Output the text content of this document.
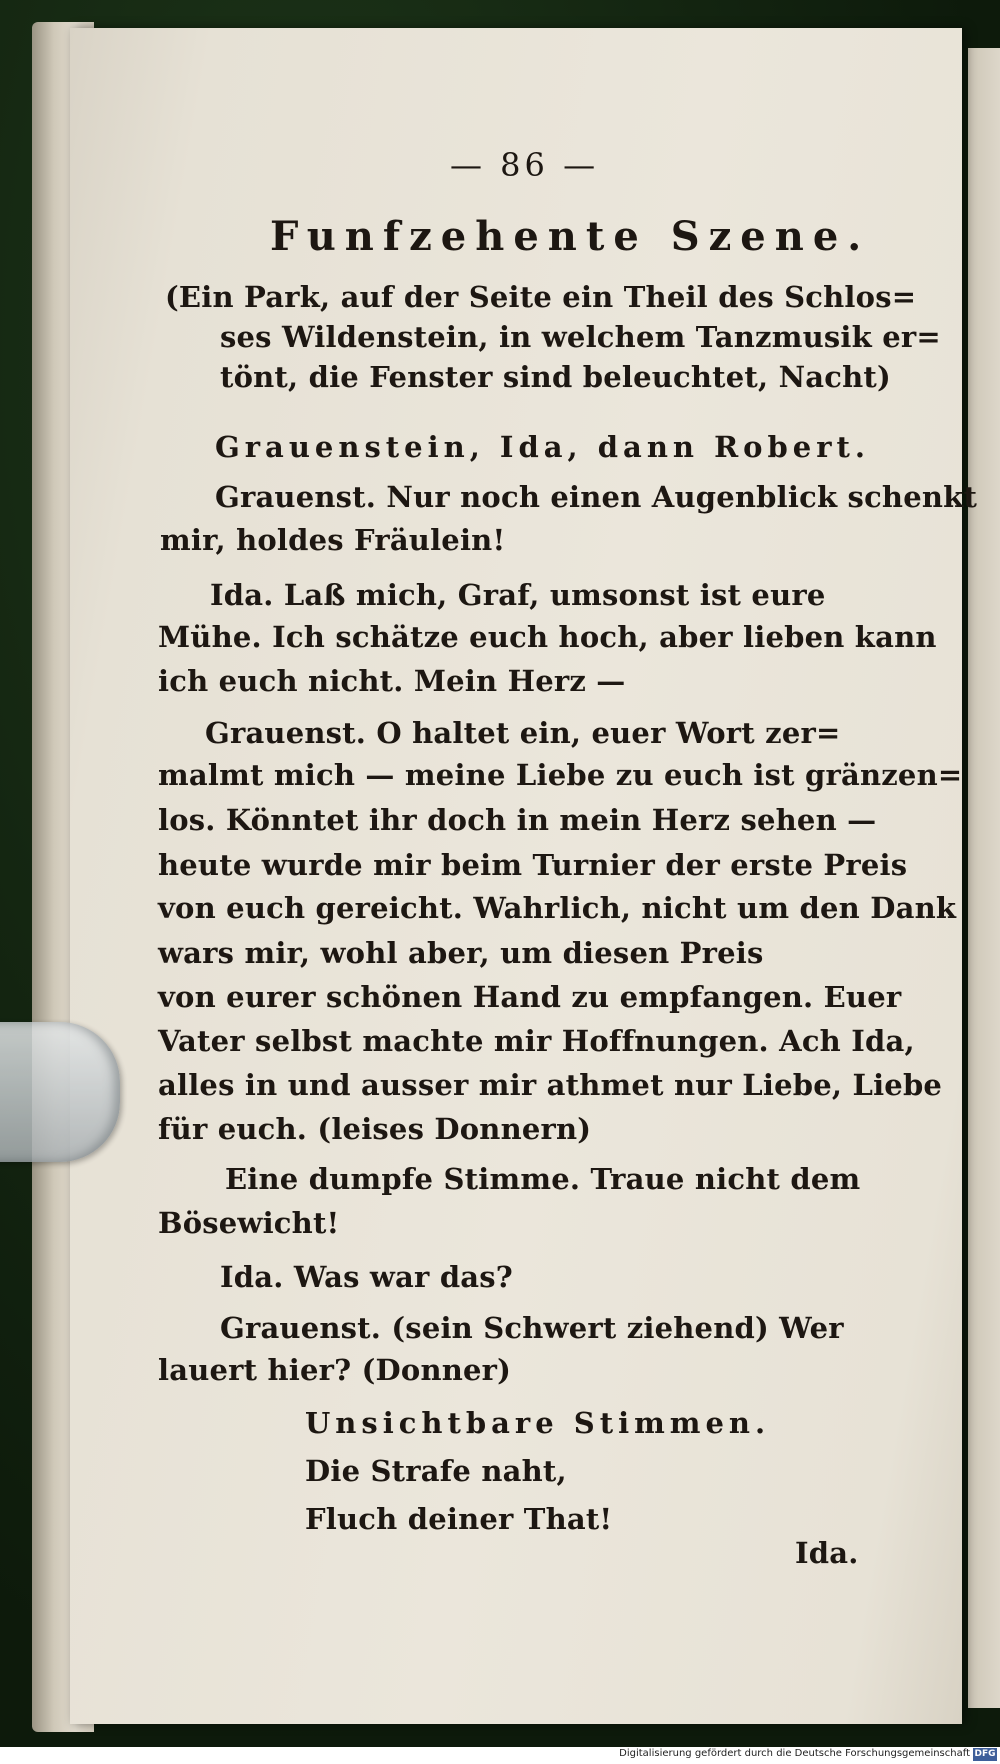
— 86 —
Funfzehente Szene.
(Ein Park, auf der Seite ein Theil des Schlos=
ses Wildenstein, in welchem Tanzmusik er=
tönt, die Fenster sind beleuchtet, Nacht)
Grauenstein, Ida, dann Robert.
Grauenst. Nur noch einen Augenblick schenkt
mir, holdes Fräulein!
Ida. Laß mich, Graf, umsonst ist eure
Mühe. Ich schätze euch hoch, aber lieben kann
ich euch nicht. Mein Herz —
Grauenst. O haltet ein, euer Wort zer=
malmt mich — meine Liebe zu euch ist gränzen=
los. Könntet ihr doch in mein Herz sehen —
heute wurde mir beim Turnier der erste Preis
von euch gereicht. Wahrlich, nicht um den Dank
wars mir, wohl aber, um diesen Preis
von eurer schönen Hand zu empfangen. Euer
Vater selbst machte mir Hoffnungen. Ach Ida,
alles in und ausser mir athmet nur Liebe, Liebe
für euch. (leises Donnern)
Eine dumpfe Stimme. Traue nicht dem
Bösewicht!
Ida. Was war das?
Grauenst. (sein Schwert ziehend) Wer
lauert hier? (Donner)
Unsichtbare Stimmen.
Die Strafe naht,
Fluch deiner That!
Ida.
Digitalisierung gefördert durch die Deutsche Forschungsgemeinschaft DFG
